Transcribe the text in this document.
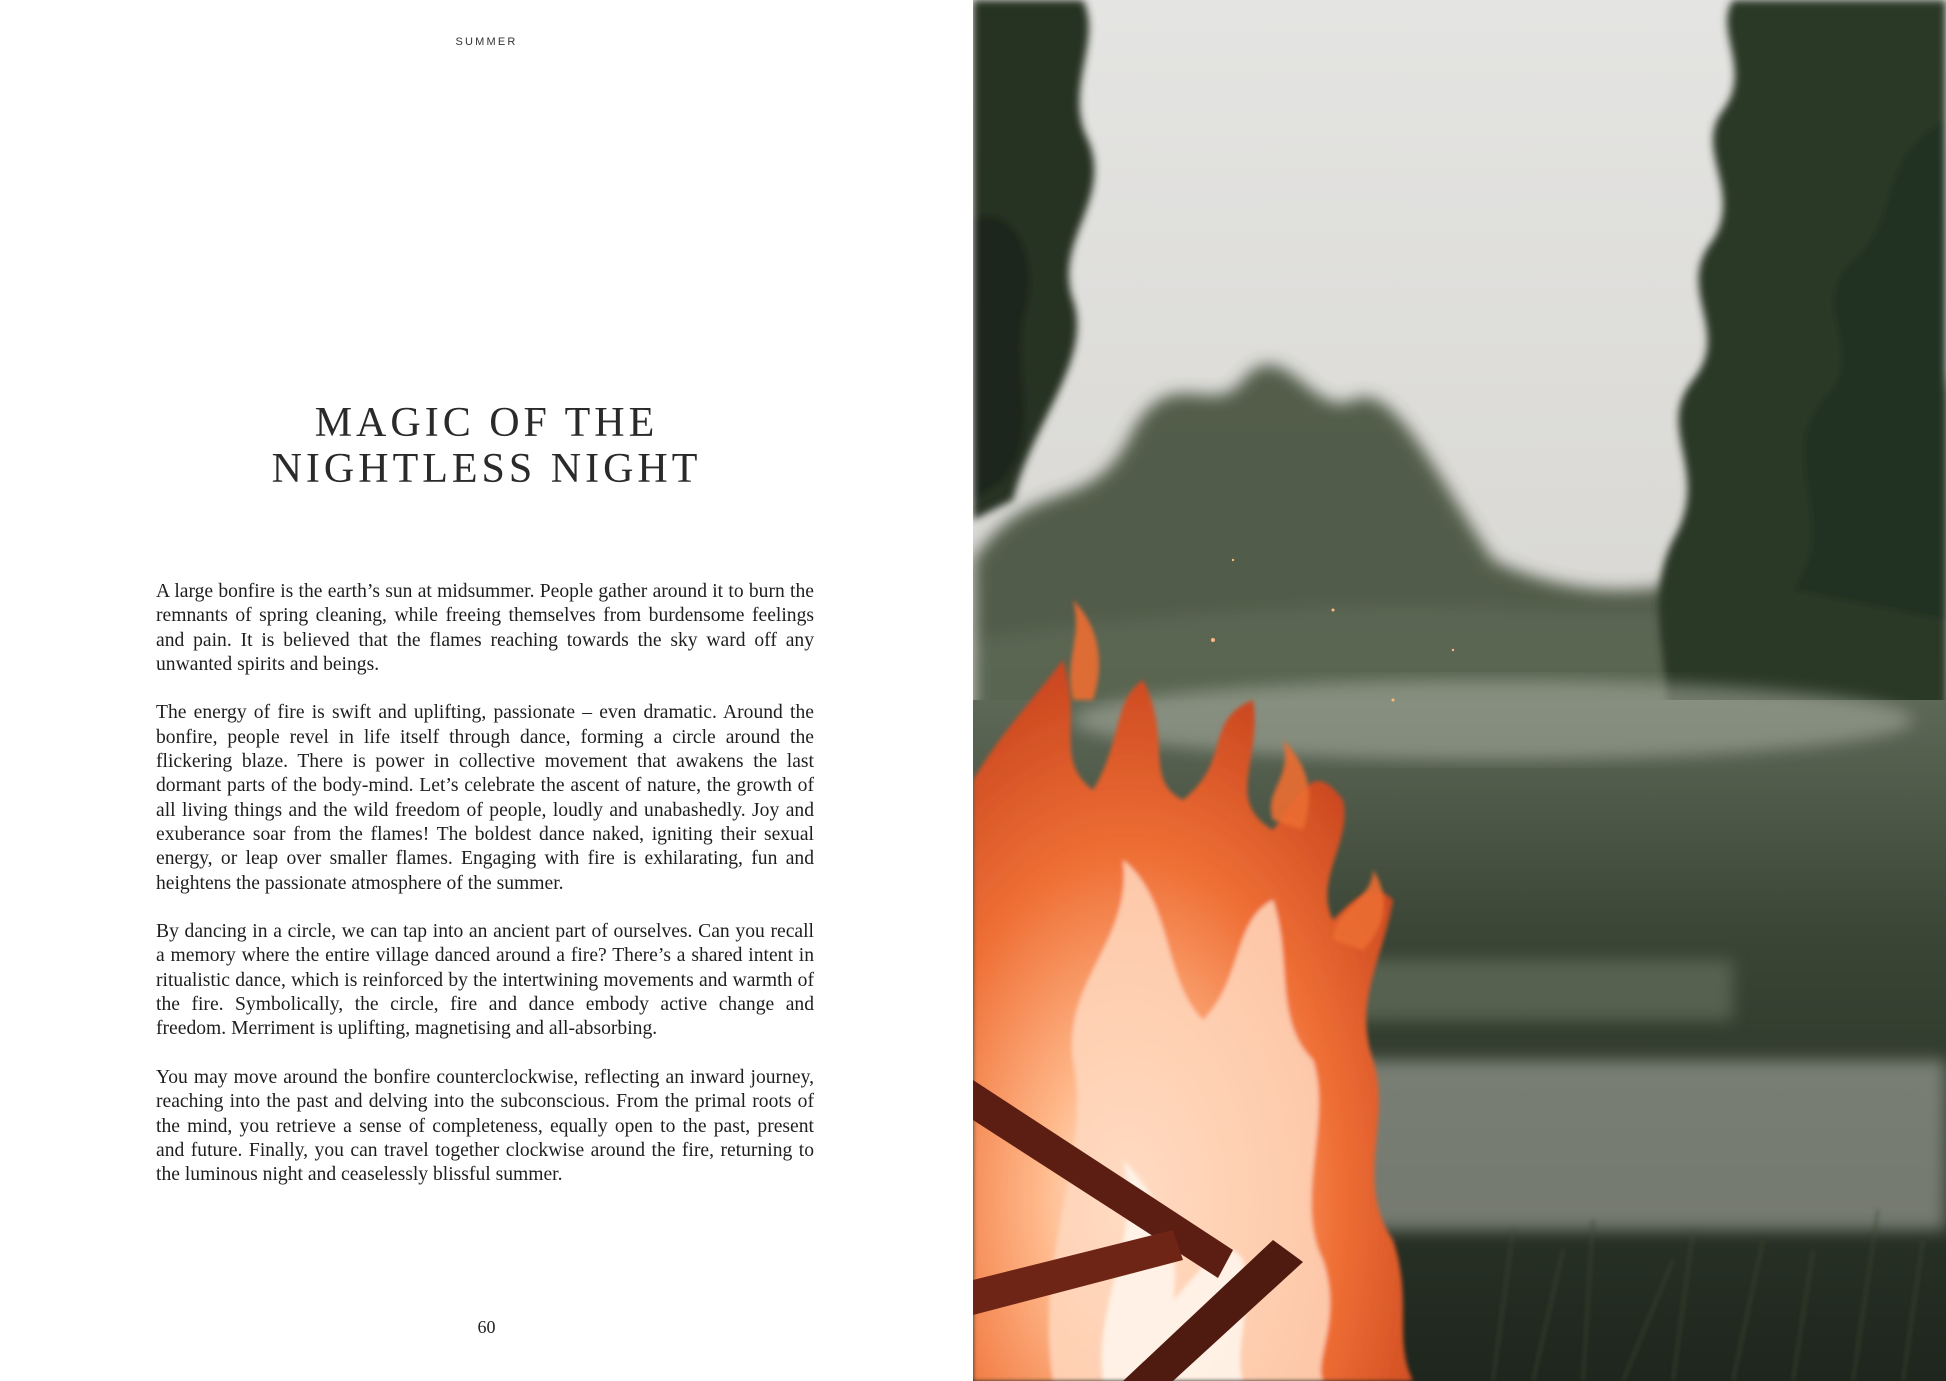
SUMMER
MAGIC OF THE
NIGHTLESS NIGHT

A large bonfire is the earth’s sun at midsummer. People gather around it to burn the remnants of spring cleaning, while freeing themselves from burdensome feelings and pain. It is believed that the flames reaching towards the sky ward off any unwanted spirits and beings.

The energy of fire is swift and uplifting, passionate – even dramatic. Around the bonfire, people revel in life itself through dance, forming a circle around the flickering blaze. There is power in collective movement that awakens the last dormant parts of the body-mind. Let’s celebrate the ascent of nature, the growth of all living things and the wild freedom of people, loudly and unabashedly. Joy and exuberance soar from the flames! The boldest dance naked, igniting their sexual energy, or leap over smaller flames. Engaging with fire is exhilarating, fun and heightens the passionate atmosphere of the summer.

By dancing in a circle, we can tap into an ancient part of ourselves. Can you recall a memory where the entire village danced around a fire? There’s a shared intent in ritualistic dance, which is reinforced by the intertwining movements and warmth of the fire. Symbolically, the circle, fire and dance embody active change and freedom. Merriment is uplifting, magnetising and all-absorbing.

You may move around the bonfire counterclockwise, reflecting an inward journey, reaching into the past and delving into the subconscious. From the primal roots of the mind, you retrieve a sense of completeness, equally open to the past, present and future. Finally, you can travel together clockwise around the fire, returning to the luminous night and ceaselessly blissful summer.

60
